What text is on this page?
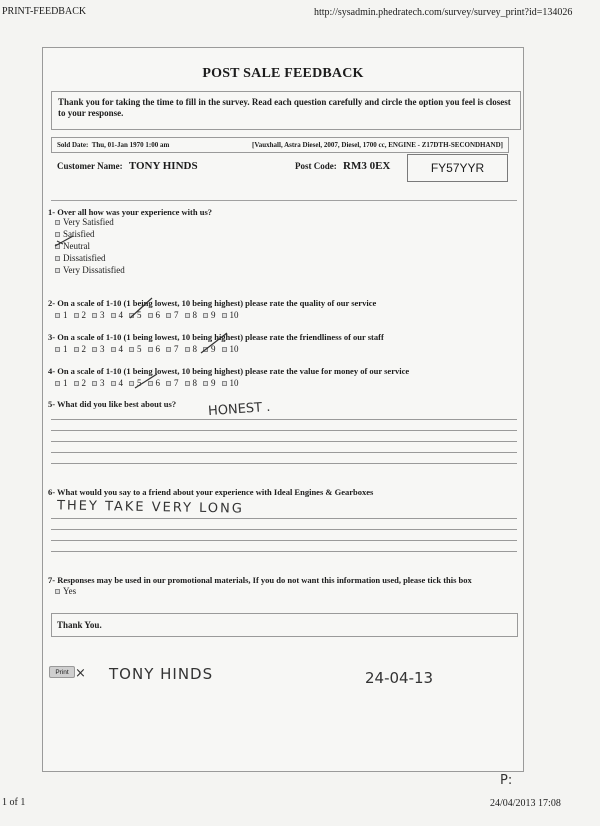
PRINT-FEEDBACK	http://sysadmin.phedratech.com/survey/survey_print?id=134026
POST SALE FEEDBACK
Thank you for taking the time to fill in the survey. Read each question carefully and circle the option you feel is closest to your response.
Sold Date: Thu, 01-Jan 1970 1:00 am	[Vauxhall, Astra Diesel, 2007, Diesel, 1700 cc, ENGINE - Z17DTH-SECONDHAND]
Customer Name: TONY HINDS	Post Code: RM3 0EX	FY57YYR
1- Over all how was your experience with us?
Very Satisfied
Satisfied
Neutral
Dissatisfied
Very Dissatisfied
2- On a scale of 1-10 (1 being lowest, 10 being highest) please rate the quality of our service
1 2 3 4 5 6 7 8 9 10
3- On a scale of 1-10 (1 being lowest, 10 being highest) please rate the friendliness of our staff
1 2 3 4 5 6 7 8 9 10
4- On a scale of 1-10 (1 being lowest, 10 being highest) please rate the value for money of our service
1 2 3 4 5 6 7 8 9 10
5- What did you like best about us? HONEST .
6- What would you say to a friend about your experience with Ideal Engines & Gearboxes
THEY TAKE VERY LONG
7- Responses may be used in our promotional materials, If you do not want this information used, please tick this box
Yes
Thank You.
Print × TONY HINDS	24-04-13
P:
1 of 1	24/04/2013 17:08
